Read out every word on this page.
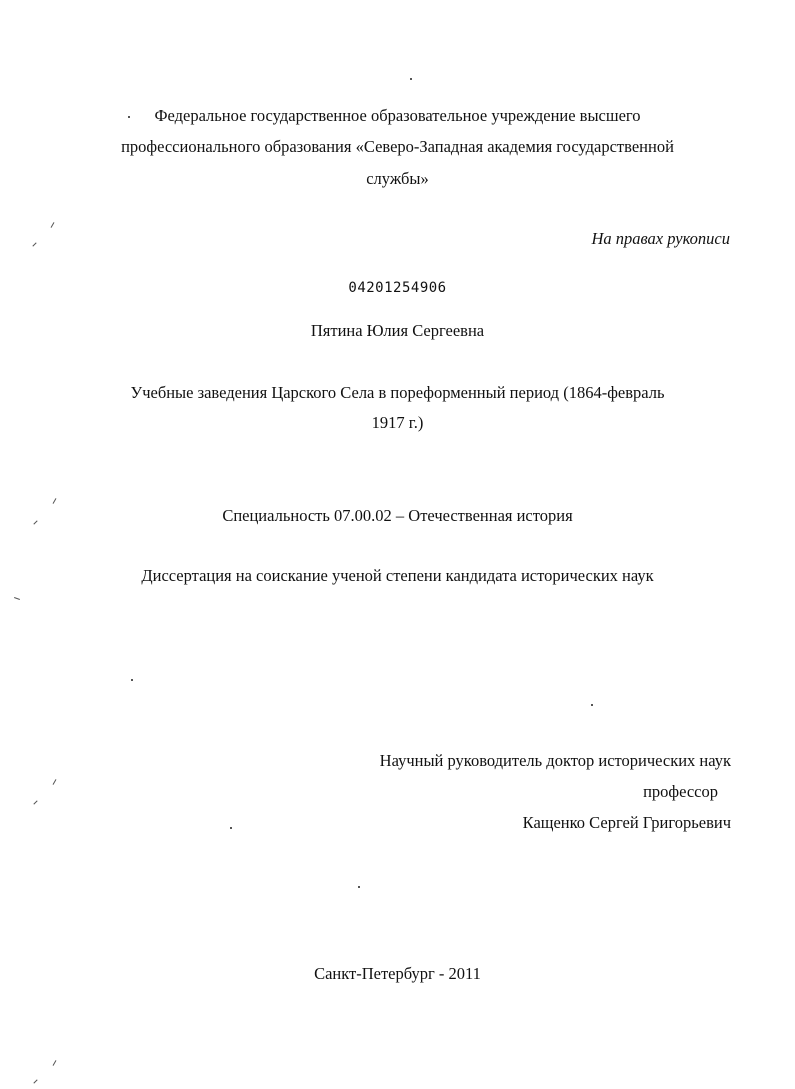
Федеральное государственное образовательное учреждение высшего
профессионального образования «Северо-Западная академия государственной
службы»
На правах рукописи
04201254906
Пятина Юлия Сергеевна
Учебные заведения Царского Села в пореформенный период (1864-февраль
1917 г.)
Специальность 07.00.02 – Отечественная история
Диссертация на соискание ученой степени кандидата исторических наук
Научный руководитель доктор исторических наук
профессор
Кащенко Сергей Григорьевич
Санкт-Петербург - 2011
